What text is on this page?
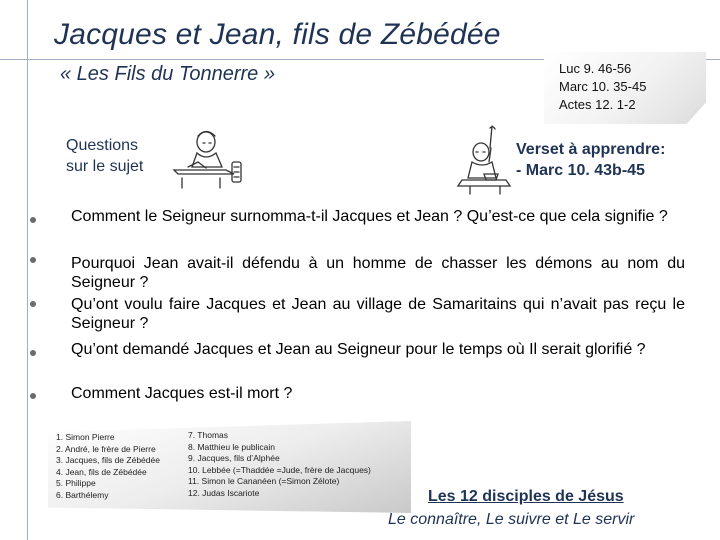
Jacques et Jean, fils de Zébédée
« Les Fils du Tonnerre »	Luc 9. 46-56
Marc 10. 35-45
Actes 12. 1-2
Questions
sur le sujet
Verset à apprendre:
- Marc 10. 43b-45
Comment le Seigneur surnomma-t-il Jacques et Jean ? Qu’est-ce que cela signifie ?
Pourquoi Jean avait-il défendu à un homme de chasser les démons au nom du Seigneur ?
Qu’ont voulu faire Jacques et Jean au village de Samaritains qui n’avait pas reçu le Seigneur ?
Qu’ont demandé Jacques et Jean au Seigneur pour le temps où Il serait glorifié ?
Comment Jacques est-il mort ?
1. Simon Pierre
2. André, le frère de Pierre
3. Jacques, fils de Zébédée
4. Jean, fils de Zébédée
5. Philippe
6. Barthélemy
7. Thomas
8. Matthieu le publicain
9. Jacques, fils d’Alphée
10. Lebbée (=Thaddée =Jude, frère de Jacques)
11. Simon le Cananéen (=Simon Zélote)
12. Judas Iscariote	Les 12 disciples de Jésus
Le connaître, Le suivre et Le servir
